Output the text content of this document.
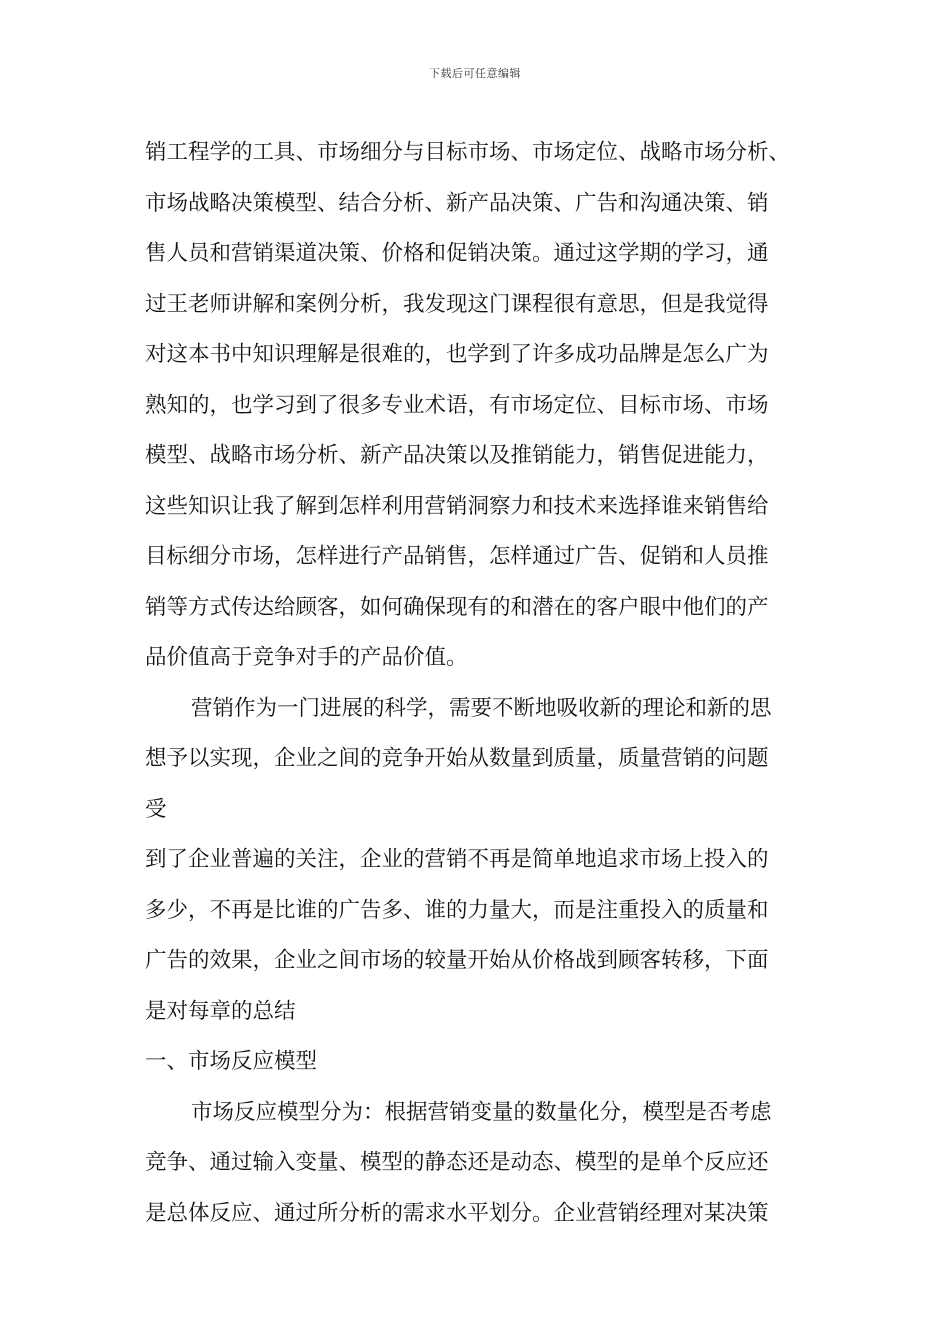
下载后可任意编辑
销工程学的工具、市场细分与目标市场、市场定位、战略市场分析、
市场战略决策模型、结合分析、新产品决策、广告和沟通决策、销
售人员和营销渠道决策、价格和促销决策。通过这学期的学习，通
过王老师讲解和案例分析，我发现这门课程很有意思，但是我觉得
对这本书中知识理解是很难的，也学到了许多成功品牌是怎么广为
熟知的，也学习到了很多专业术语，有市场定位、目标市场、市场
模型、战略市场分析、新产品决策以及推销能力，销售促进能力，
这些知识让我了解到怎样利用营销洞察力和技术来选择谁来销售给
目标细分市场，怎样进行产品销售，怎样通过广告、促销和人员推
销等方式传达给顾客，如何确保现有的和潜在的客户眼中他们的产
品价值高于竞争对手的产品价值。
营销作为一门进展的科学，需要不断地吸收新的理论和新的思
想予以实现，企业之间的竞争开始从数量到质量，质量营销的问题
受
到了企业普遍的关注，企业的营销不再是简单地追求市场上投入的
多少，不再是比谁的广告多、谁的力量大，而是注重投入的质量和
广告的效果，企业之间市场的较量开始从价格战到顾客转移，下面
是对每章的总结
一、市场反应模型
市场反应模型分为：根据营销变量的数量化分，模型是否考虑
竞争、通过输入变量、模型的静态还是动态、模型的是单个反应还
是总体反应、通过所分析的需求水平划分。企业营销经理对某决策
